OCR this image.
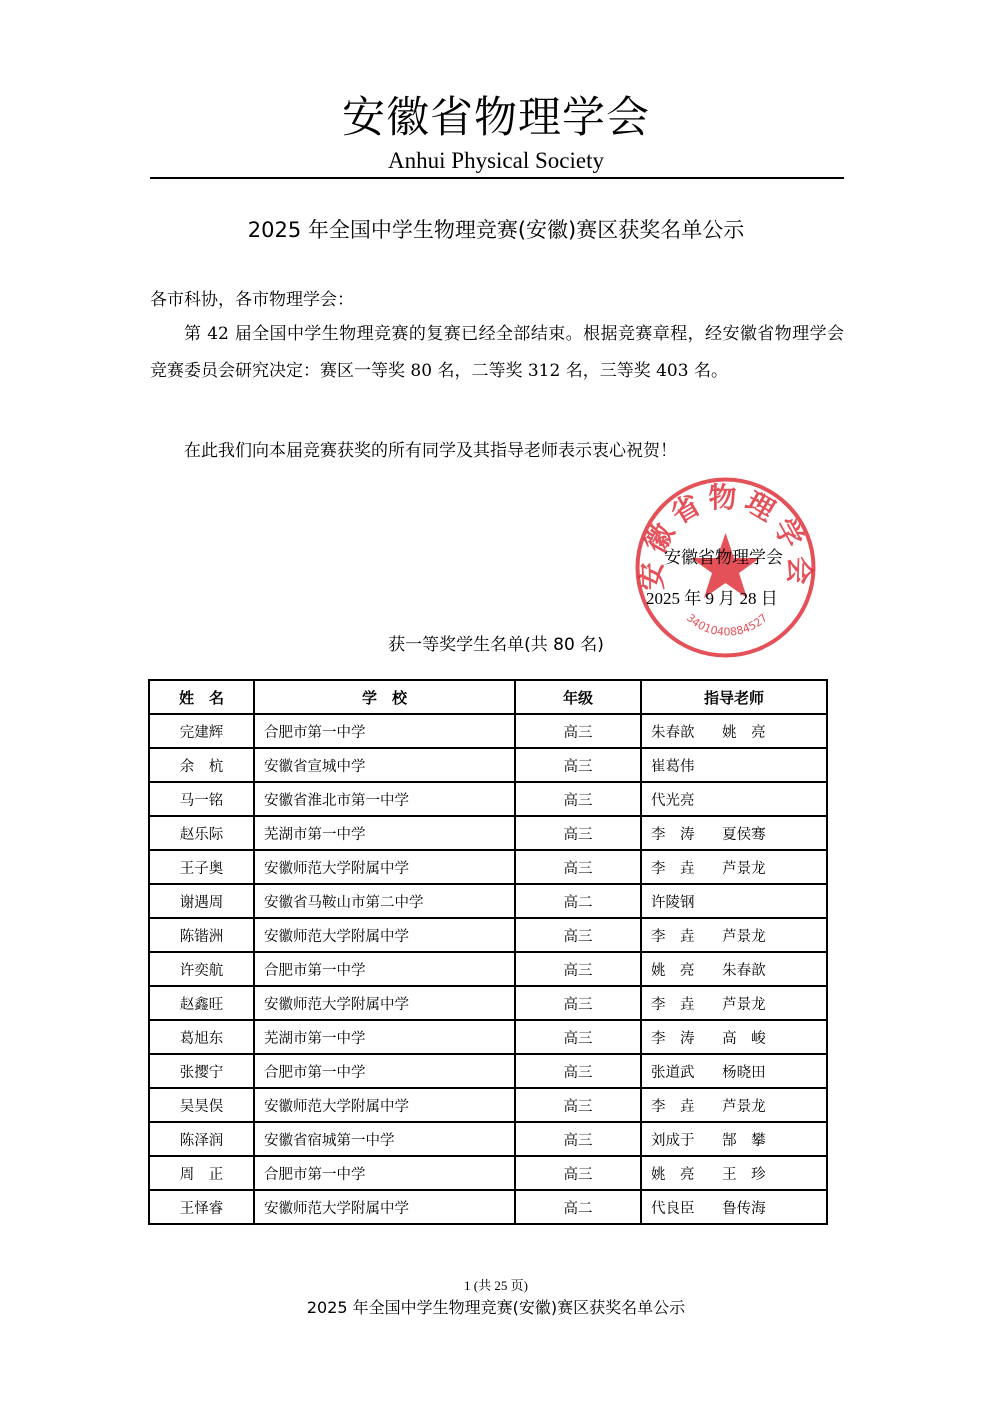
安徽省物理学会
Anhui Physical Society
2025 年全国中学生物理竞赛(安徽)赛区获奖名单公示
各市科协，各市物理学会：
第 42 届全国中学生物理竞赛的复赛已经全部结束。根据竞赛章程，经安徽省物理学会竞赛委员会研究决定：赛区一等奖 80 名，二等奖 312 名，三等奖 403 名。
在此我们向本届竞赛获奖的所有同学及其指导老师表示衷心祝贺！
安徽省物理学会
3401040884527
安徽省物理学会
2025 年 9 月 28 日
获一等奖学生名单(共 80 名)
姓　名	学　校	年级	指导老师
完建辉	合肥市第一中学	高三	朱春歆      姚　亮
余　杭	安徽省宣城中学	高三	崔葛伟
马一铭	安徽省淮北市第一中学	高三	代光亮
赵乐际	芜湖市第一中学	高三	李　涛      夏侯骞
王子奥	安徽师范大学附属中学	高三	李　垚      芦景龙
谢遇周	安徽省马鞍山市第二中学	高二	许陵钢
陈锴洲	安徽师范大学附属中学	高三	李　垚      芦景龙
许奕航	合肥市第一中学	高三	姚　亮      朱春歆
赵鑫旺	安徽师范大学附属中学	高三	李　垚      芦景龙
葛旭东	芜湖市第一中学	高三	李　涛      高　峻
张撄宁	合肥市第一中学	高三	张道武      杨晓田
吴昊俣	安徽师范大学附属中学	高三	李　垚      芦景龙
陈泽润	安徽省宿城第一中学	高三	刘成于      郜　攀
周　正	合肥市第一中学	高三	姚　亮      王　珍
王怿睿	安徽师范大学附属中学	高二	代良臣      鲁传海
1 (共 25 页)
2025 年全国中学生物理竞赛(安徽)赛区获奖名单公示
